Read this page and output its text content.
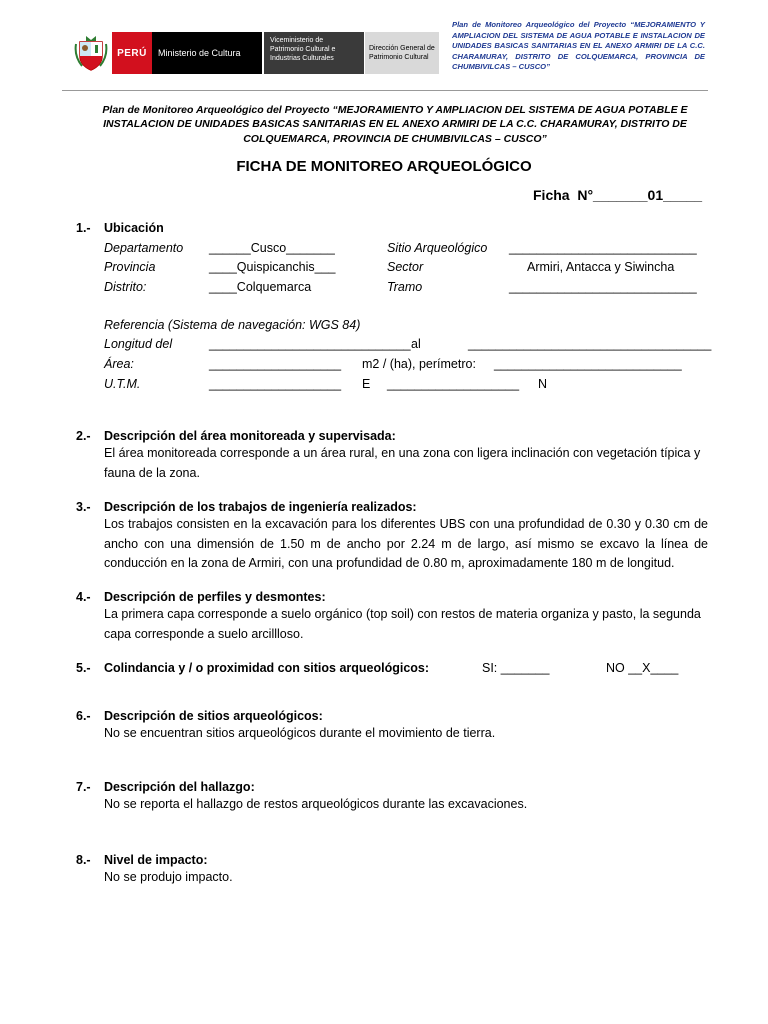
PERÚ	Ministerio de Cultura
Viceministerio de Patrimonio Cultural e Industrias Culturales
Dirección General de Patrimonio Cultural
Plan de Monitoreo Arqueológico del Proyecto “MEJORAMIENTO Y AMPLIACION DEL SISTEMA DE AGUA POTABLE E INSTALACION DE UNIDADES BASICAS SANITARIAS EN EL ANEXO ARMIRI DE LA C.C. CHARAMURAY, DISTRITO DE COLQUEMARCA, PROVINCIA DE CHUMBIVILCAS – CUSCO”
Plan de Monitoreo Arqueológico del Proyecto “MEJORAMIENTO Y AMPLIACION DEL SISTEMA DE AGUA POTABLE E INSTALACION DE UNIDADES BASICAS SANITARIAS EN EL ANEXO ARMIRI DE LA C.C. CHARAMURAY, DISTRITO DE COLQUEMARCA, PROVINCIA DE CHUMBIVILCAS – CUSCO”
FICHA DE MONITOREO ARQUEOLÓGICO
Ficha  N°_______01_____
1.- Ubicación
Departamento ______Cusco_______	Sitio Arqueológico ___________________________
Provincia	____Quispicanchis___	Sector	Armiri, Antacca y Siwincha
Distrito:	____Colquemarca	Tramo	___________________________
Referencia (Sistema de navegación: WGS 84)
Longitud del	_____________________________ al	___________________________________
Área:	___________________ m2 / (ha), perímetro: ___________________________
U.T.M.	___________________ E ___________________ N
2.- Descripción del área monitoreada y supervisada:
El área monitoreada corresponde a un área rural, en una zona con ligera inclinación con vegetación típica y fauna de la zona.
3.- Descripción de los trabajos de ingeniería realizados:
Los trabajos consisten en la excavación para los diferentes UBS con una profundidad de 0.30 y 0.30 cm de ancho con una dimensión de 1.50 m de ancho por 2.24 m de largo, así mismo se excavo la línea de conducción en la zona de Armiri, con una profundidad de 0.80 m, aproximadamente 180 m de longitud.
4.- Descripción de perfiles y desmontes:
La primera capa corresponde a suelo orgánico (top soil) con restos de materia organiza y pasto, la segunda capa corresponde a suelo arcillloso.
5.- Colindancia y / o proximidad con sitios arqueológicos:	SI: _______	NO __X____
6.- Descripción de sitios arqueológicos:
No se encuentran sitios arqueológicos durante el movimiento de tierra.
7.- Descripción del hallazgo:
No se reporta el hallazgo de restos arqueológicos durante las excavaciones.
8.- Nivel de impacto:
No se produjo impacto.
